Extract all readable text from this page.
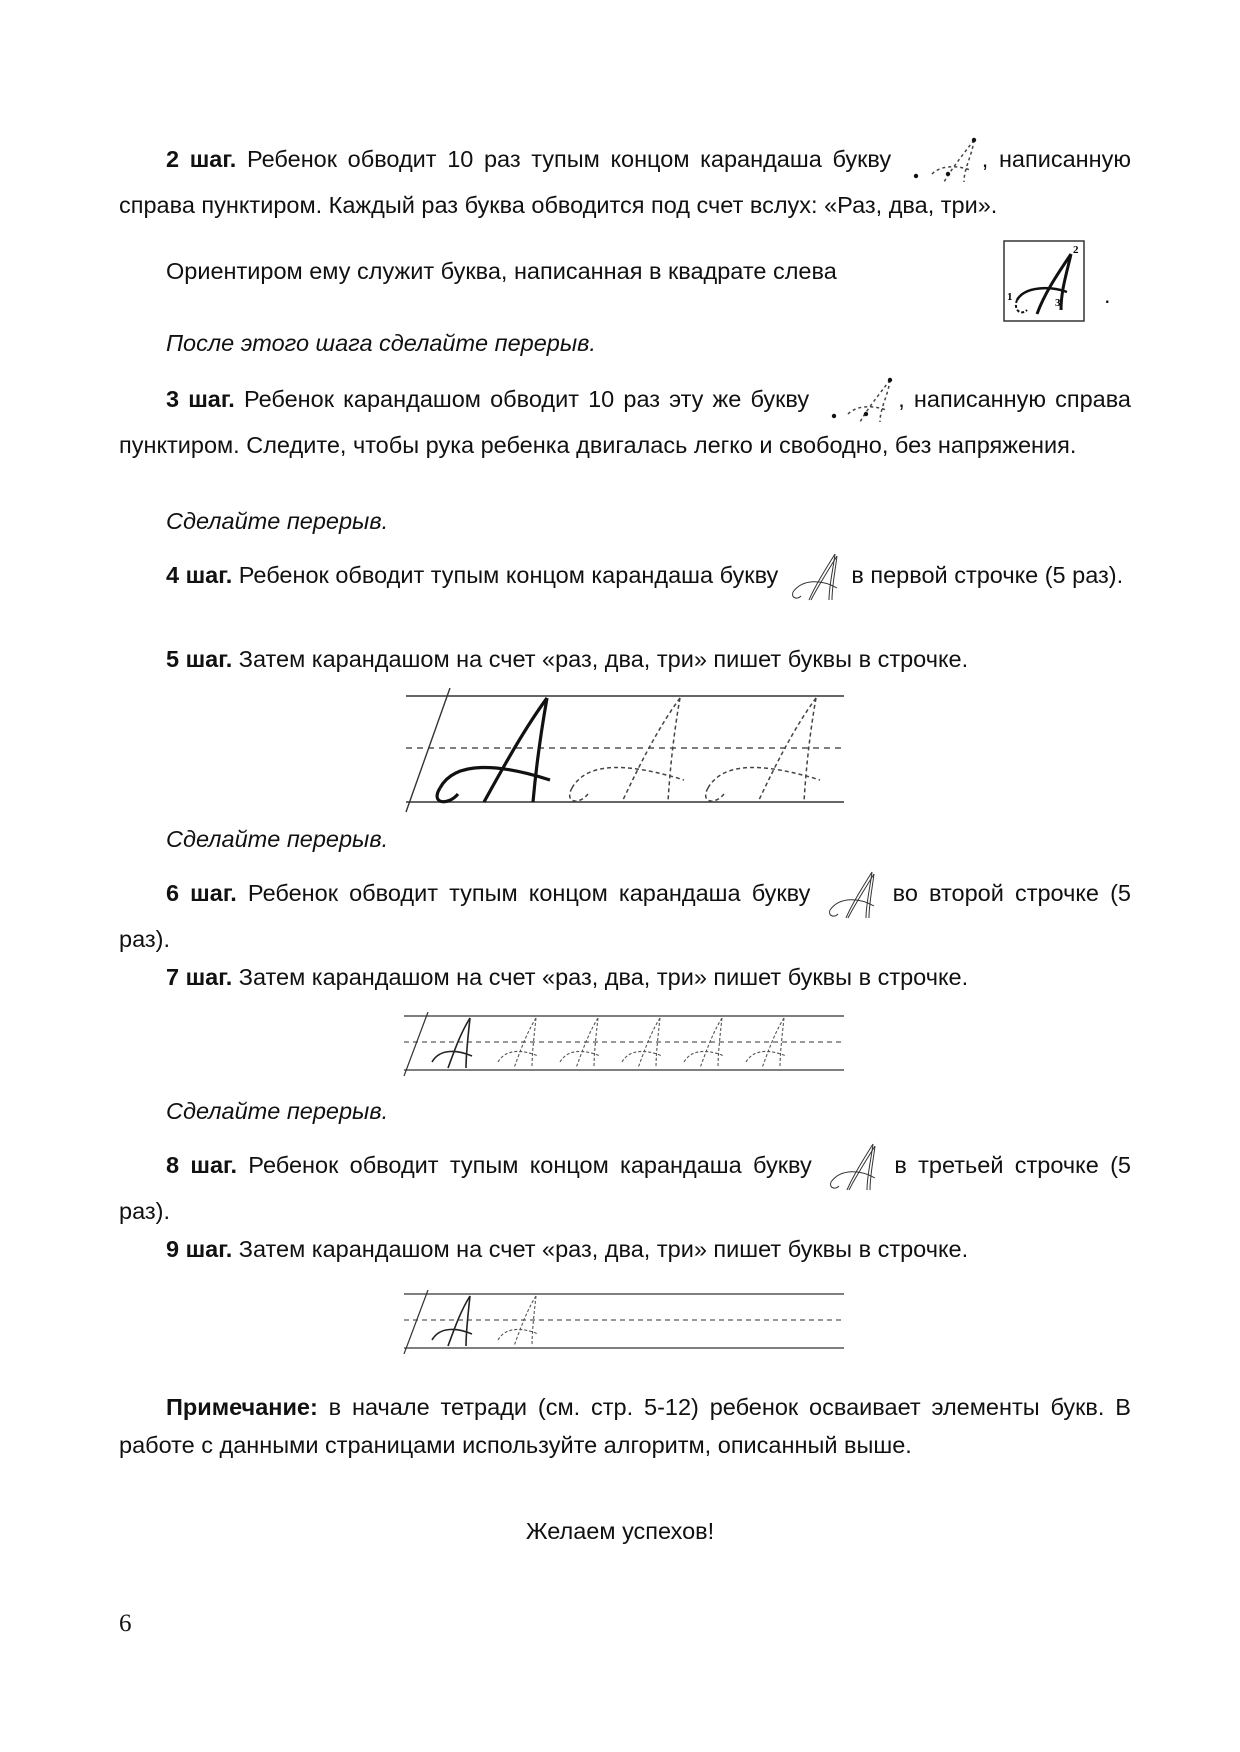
2 шаг. Ребенок обводит 10 раз тупым концом карандаша букву	, написанную справа пунктиром. Каждый раз буква обводится под счет вслух: «Раз, два, три».

Ориентиром ему служит буква, написанная в квадрате слева
1
2
3 .

После этого шага сделайте перерыв.

3 шаг. Ребенок карандашом обводит 10 раз эту же букву	, написанную справа пунктиром. Следите, чтобы рука ребенка двигалась легко и свободно, без напряжения.

Сделайте перерыв.

4 шаг. Ребенок обводит тупым концом карандаша букву	в первой строчке (5 раз).

5 шаг. Затем карандашом на счет «раз, два, три» пишет буквы в строчке.

Сделайте перерыв.

6 шаг. Ребенок обводит тупым концом карандаша букву	во второй строчке (5 раз).

7 шаг. Затем карандашом на счет «раз, два, три» пишет буквы в строчке.

Сделайте перерыв.

8 шаг. Ребенок обводит тупым концом карандаша букву	в третьей строчке (5 раз).

9 шаг. Затем карандашом на счет «раз, два, три» пишет буквы в строчке.

Примечание: в начале тетради (см. стр. 5-12) ребенок осваивает элементы букв. В работе с данными страницами используйте алгоритм, описанный выше.

Желаем успехов!
6
